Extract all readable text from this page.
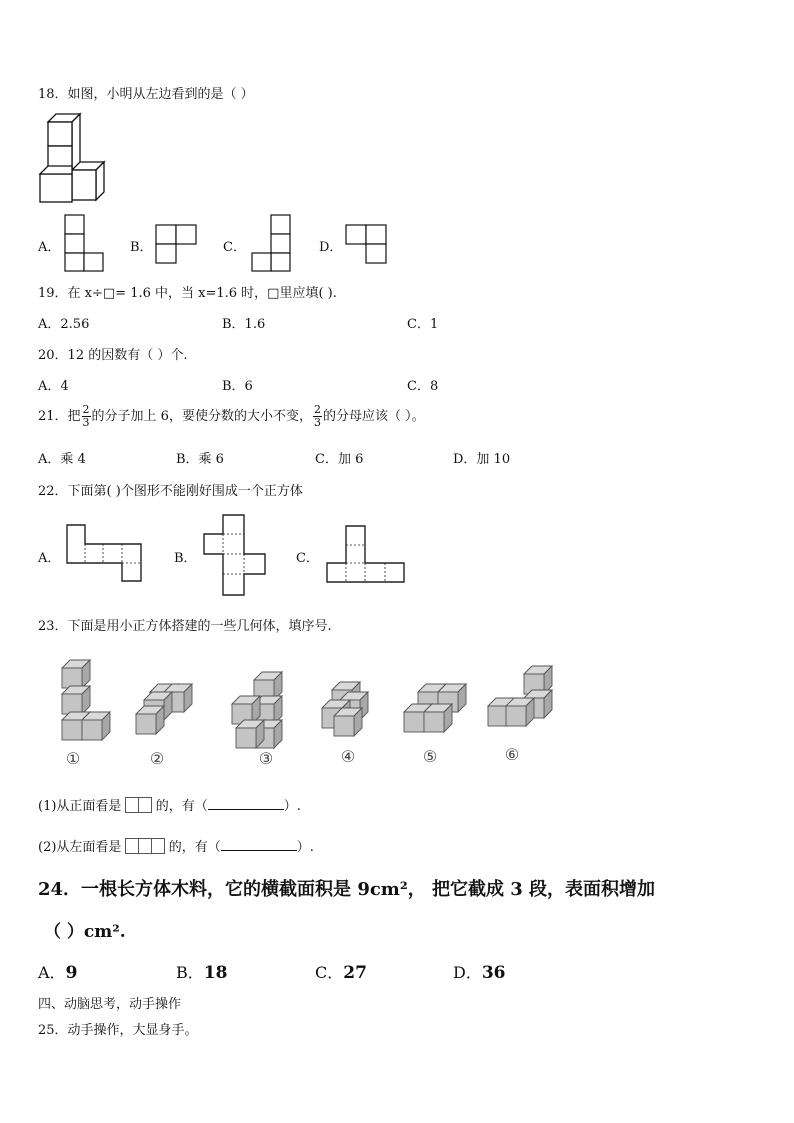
18．如图，小明从左边看到的是（ ）
A．	B．	C．	D．
19．在 x÷□= 1.6 中，当 x=1.6 时，□里应填( ).
A．2.56	B．1.6	C．1
20．12 的因数有（ ）个.
A．4	B．6	C．8
21．把 $\frac{2}{3}$ 的分子加上 6，要使分数的大小不变， $\frac{2}{3}$ 的分母应该（ ）。
A．乘 4	B．乘 6	C．加 6	D．加 10
22．下面第( )个图形不能刚好围成一个正方体
A．	B．	C．
23．下面是用小正方体搭建的一些几何体，填序号.
①	②	③	④	⑤	⑥
(1)从正面看是	的，有（	）.
(2)从左面看是	的，有（	）.
24．一根长方体木料，它的横截面积是 9cm²， 把它截成 3 段，表面积增加
（ ）cm².
A．9	B．18	C．27	D．36
四、动脑思考，动手操作
25．动手操作，大显身手。
